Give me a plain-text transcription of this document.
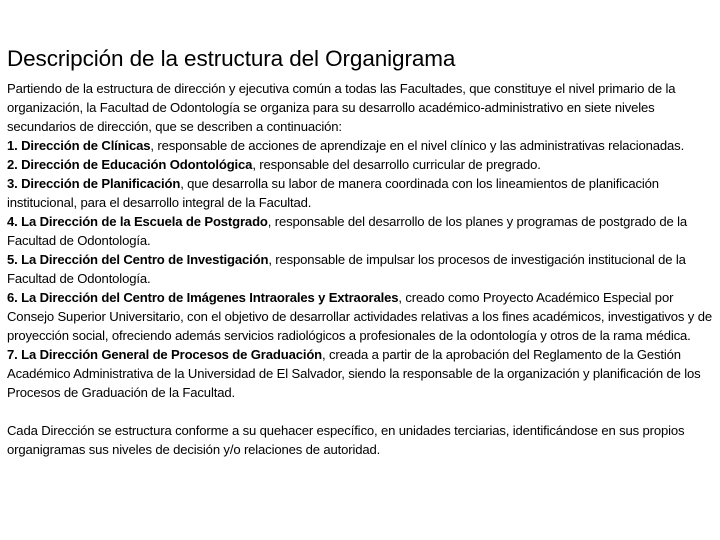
Descripción de la estructura del Organigrama

Partiendo de la estructura de dirección y ejecutiva común a todas las Facultades, que constituye el nivel primario de la organización, la Facultad de Odontología se organiza para su desarrollo académico-administrativo en siete niveles secundarios de dirección, que se describen a continuación:

1. Dirección de Clínicas, responsable de acciones de aprendizaje en el nivel clínico y las administrativas relacionadas.

2. Dirección de Educación Odontológica, responsable del desarrollo curricular de pregrado.

3. Dirección de Planificación, que desarrolla su labor de manera coordinada con los lineamientos de planificación institucional, para el desarrollo integral de la Facultad.

4. La Dirección de la Escuela de Postgrado, responsable del desarrollo de los planes y programas de postgrado de la Facultad de Odontología.

5. La Dirección del Centro de Investigación, responsable de impulsar los procesos de investigación institucional de la Facultad de Odontología.

6. La Dirección del Centro de Imágenes Intraorales y Extraorales, creado como Proyecto Académico Especial por Consejo Superior Universitario, con el objetivo de desarrollar actividades relativas a los fines académicos, investigativos y de proyección social, ofreciendo además servicios radiológicos a profesionales de la odontología y otros de la rama médica.

7. La Dirección General de Procesos de Graduación, creada a partir de la aprobación del Reglamento de la Gestión Académico Administrativa de la Universidad de El Salvador, siendo la responsable de la organización y planificación de los Procesos de Graduación de la Facultad.

Cada Dirección se estructura conforme a su quehacer específico, en unidades terciarias, identificándose en sus propios organigramas sus niveles de decisión y/o relaciones de autoridad.
